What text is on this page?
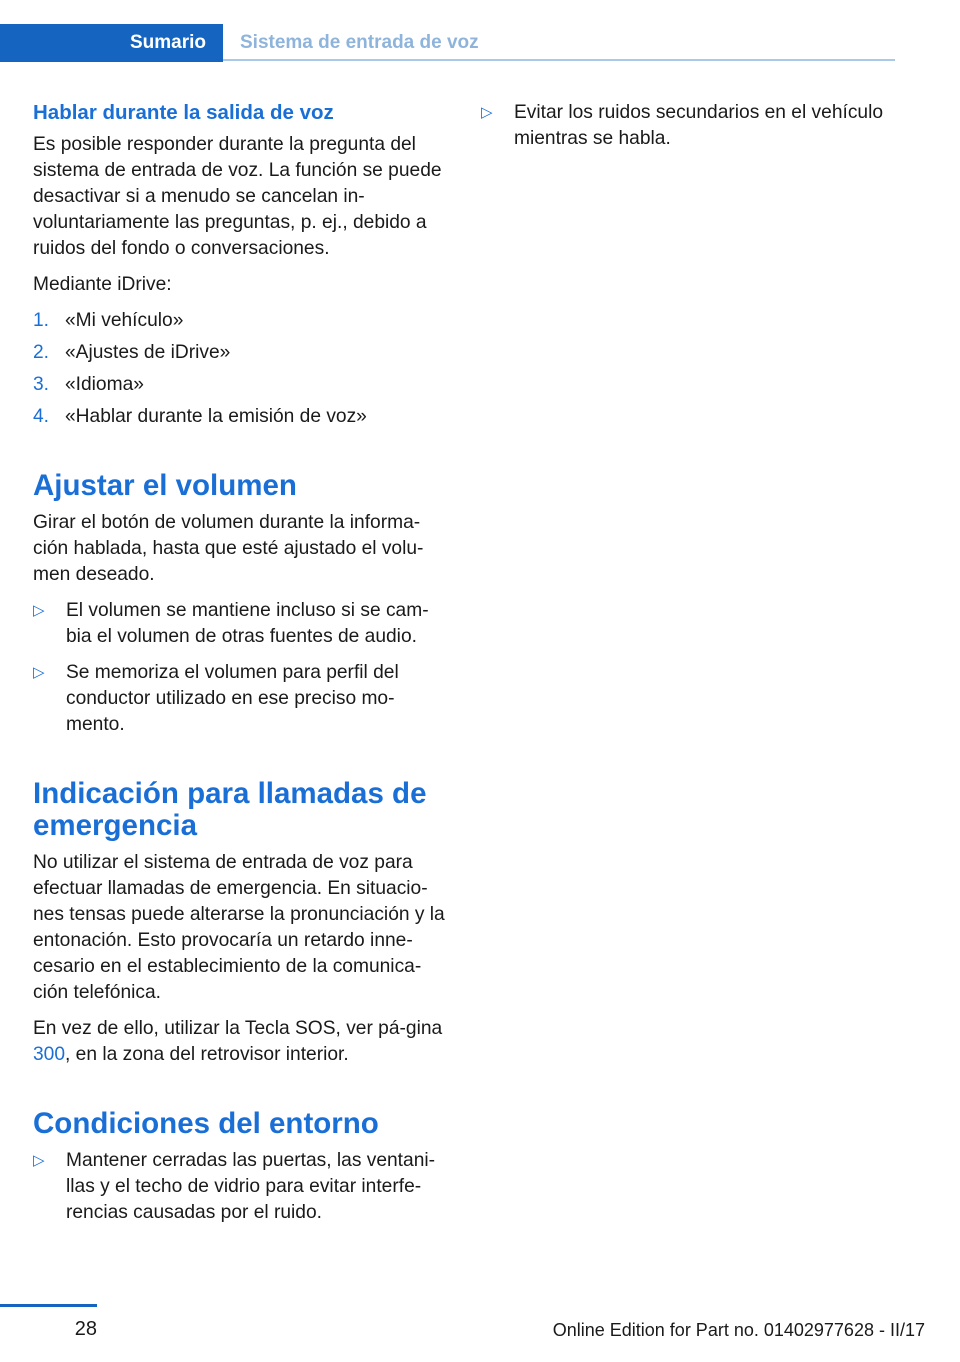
Sumario	Sistema de entrada de voz
Hablar durante la salida de voz

Es posible responder durante la pregunta del sistema de entrada de voz. La función se puede desactivar si a menudo se cancelan in‐voluntariamente las preguntas, p. ej., debido a ruidos del fondo o conversaciones.

Mediante iDrive:

1. «Mi vehículo»
2. «Ajustes de iDrive»
3. «Idioma»
4. «Hablar durante la emisión de voz»
Ajustar el volumen

Girar el botón de volumen durante la informa‐ción hablada, hasta que esté ajustado el volu‐men deseado.

▷ El volumen se mantiene incluso si se cam‐bia el volumen de otras fuentes de audio.
▷ Se memoriza el volumen para perfil del conductor utilizado en ese preciso mo‐mento.
Indicación para llamadas de emergencia

No utilizar el sistema de entrada de voz para efectuar llamadas de emergencia. En situacio‐nes tensas puede alterarse la pronunciación y la entonación. Esto provocaría un retardo inne‐cesario en el establecimiento de la comunica‐ción telefónica.

En vez de ello, utilizar la Tecla SOS, ver pá‐gina 300, en la zona del retrovisor interior.

Condiciones del entorno
▷ Mantener cerradas las puertas, las ventani‐llas y el techo de vidrio para evitar interfe‐rencias causadas por el ruido.
▷ Evitar los ruidos secundarios en el vehículo mientras se habla.
28	Online Edition for Part no. 01402977628 - II/17
